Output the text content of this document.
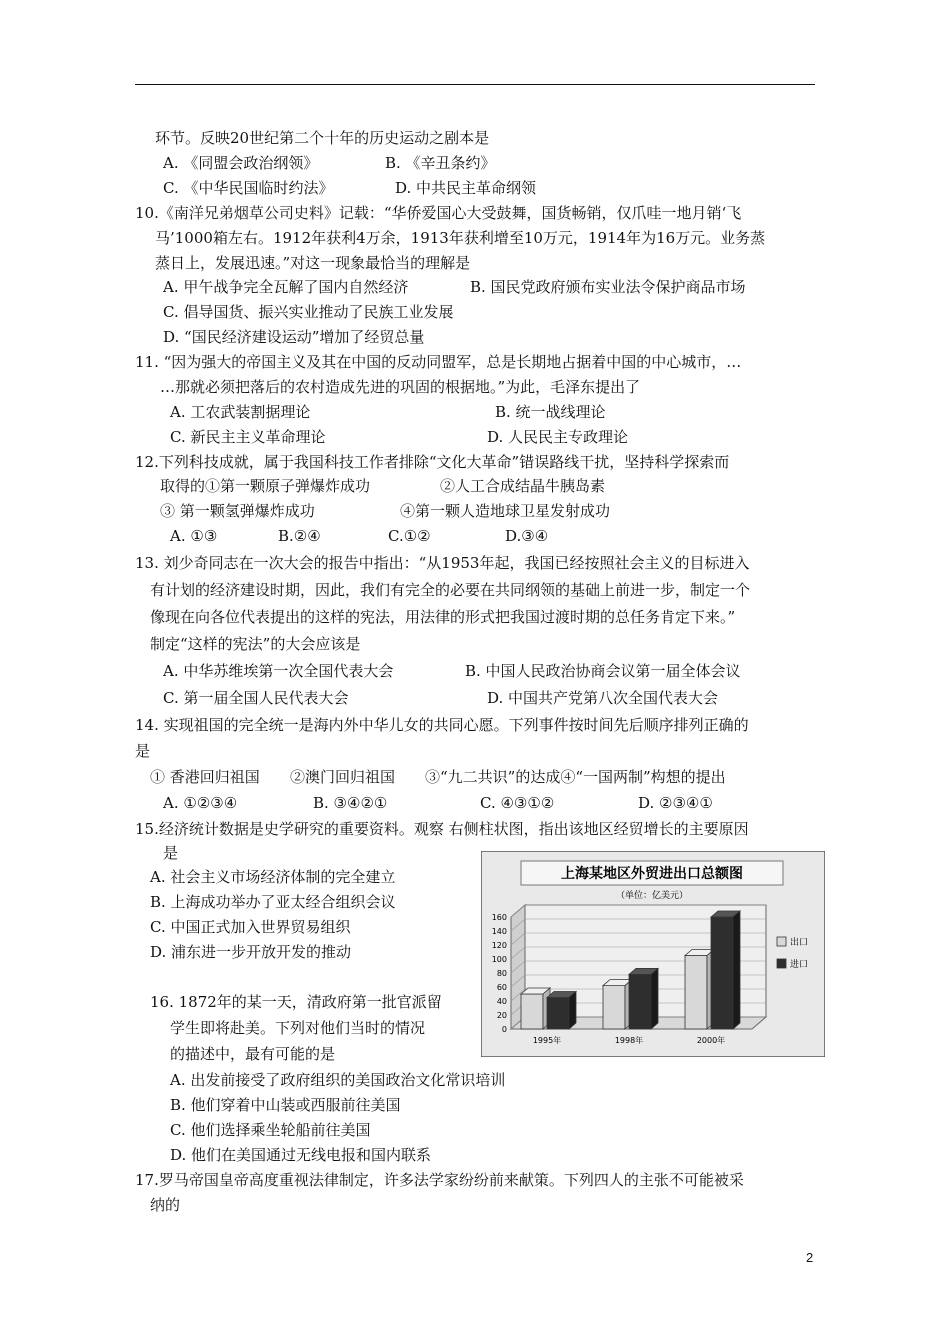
环节。反映20世纪第二个十年的历史运动之剧本是
A. 《同盟会政治纲领》	B. 《辛丑条约》
C. 《中华民国临时约法》	D. 中共民主革命纲领
10.《南洋兄弟烟草公司史料》记载：“华侨爱国心大受鼓舞，国货畅销，仅爪哇一地月销‘飞
马’1000箱左右。1912年获利4万余，1913年获利增至10万元，1914年为16万元。业务蒸
蒸日上，发展迅速。”对这一现象最恰当的理解是
A. 甲午战争完全瓦解了国内自然经济	B. 国民党政府颁布实业法令保护商品市场
C. 倡导国货、振兴实业推动了民族工业发展
D. “国民经济建设运动”增加了经贸总量
11. “因为强大的帝国主义及其在中国的反动同盟军，总是长期地占据着中国的中心城市，…
…那就必须把落后的农村造成先进的巩固的根据地。”为此，毛泽东提出了
A. 工农武装割据理论	B. 统一战线理论
C. 新民主主义革命理论	D. 人民民主专政理论
12.下列科技成就，属于我国科技工作者排除“文化大革命”错误路线干扰，坚持科学探索而
取得的①第一颗原子弹爆炸成功	②人工合成结晶牛胰岛素
③ 第一颗氢弹爆炸成功	④第一颗人造地球卫星发射成功
A. ①③	B.②④	C.①②	D.③④
13. 刘少奇同志在一次大会的报告中指出：“从1953年起，我国已经按照社会主义的目标进入
有计划的经济建设时期，因此，我们有完全的必要在共同纲领的基础上前进一步，制定一个
像现在向各位代表提出的这样的宪法，用法律的形式把我国过渡时期的总任务肯定下来。”
制定“这样的宪法”的大会应该是
A. 中华苏维埃第一次全国代表大会	B. 中国人民政治协商会议第一届全体会议
C. 第一届全国人民代表大会	D. 中国共产党第八次全国代表大会
14. 实现祖国的完全统一是海内外中华儿女的共同心愿。下列事件按时间先后顺序排列正确的
是
① 香港回归祖国 ②澳门回归祖国 ③“九二共识”的达成④“一国两制”构想的提出
A. ①②③④	B. ③④②①	C. ④③①②	D. ②③④①
15.经济统计数据是史学研究的重要资料。观察 右侧柱状图，指出该地区经贸增长的主要原因
是
A. 社会主义市场经济体制的完全建立
B. 上海成功举办了亚太经合组织会议
C. 中国正式加入世界贸易组织
D. 浦东进一步开放开发的推动
上海某地区外贸进出口总额图
（单位：亿美元）
0
20
40
60
80
100
120
140
160
1995年	1998年	2000年
出口
进口
16. 1872年的某一天，清政府第一批官派留
学生即将赴美。下列对他们当时的情况
的描述中，最有可能的是
A. 出发前接受了政府组织的美国政治文化常识培训
B. 他们穿着中山装或西服前往美国
C. 他们选择乘坐轮船前往美国
D. 他们在美国通过无线电报和国内联系
17.罗马帝国皇帝高度重视法律制定，许多法学家纷纷前来献策。下列四人的主张不可能被采
纳的
2
